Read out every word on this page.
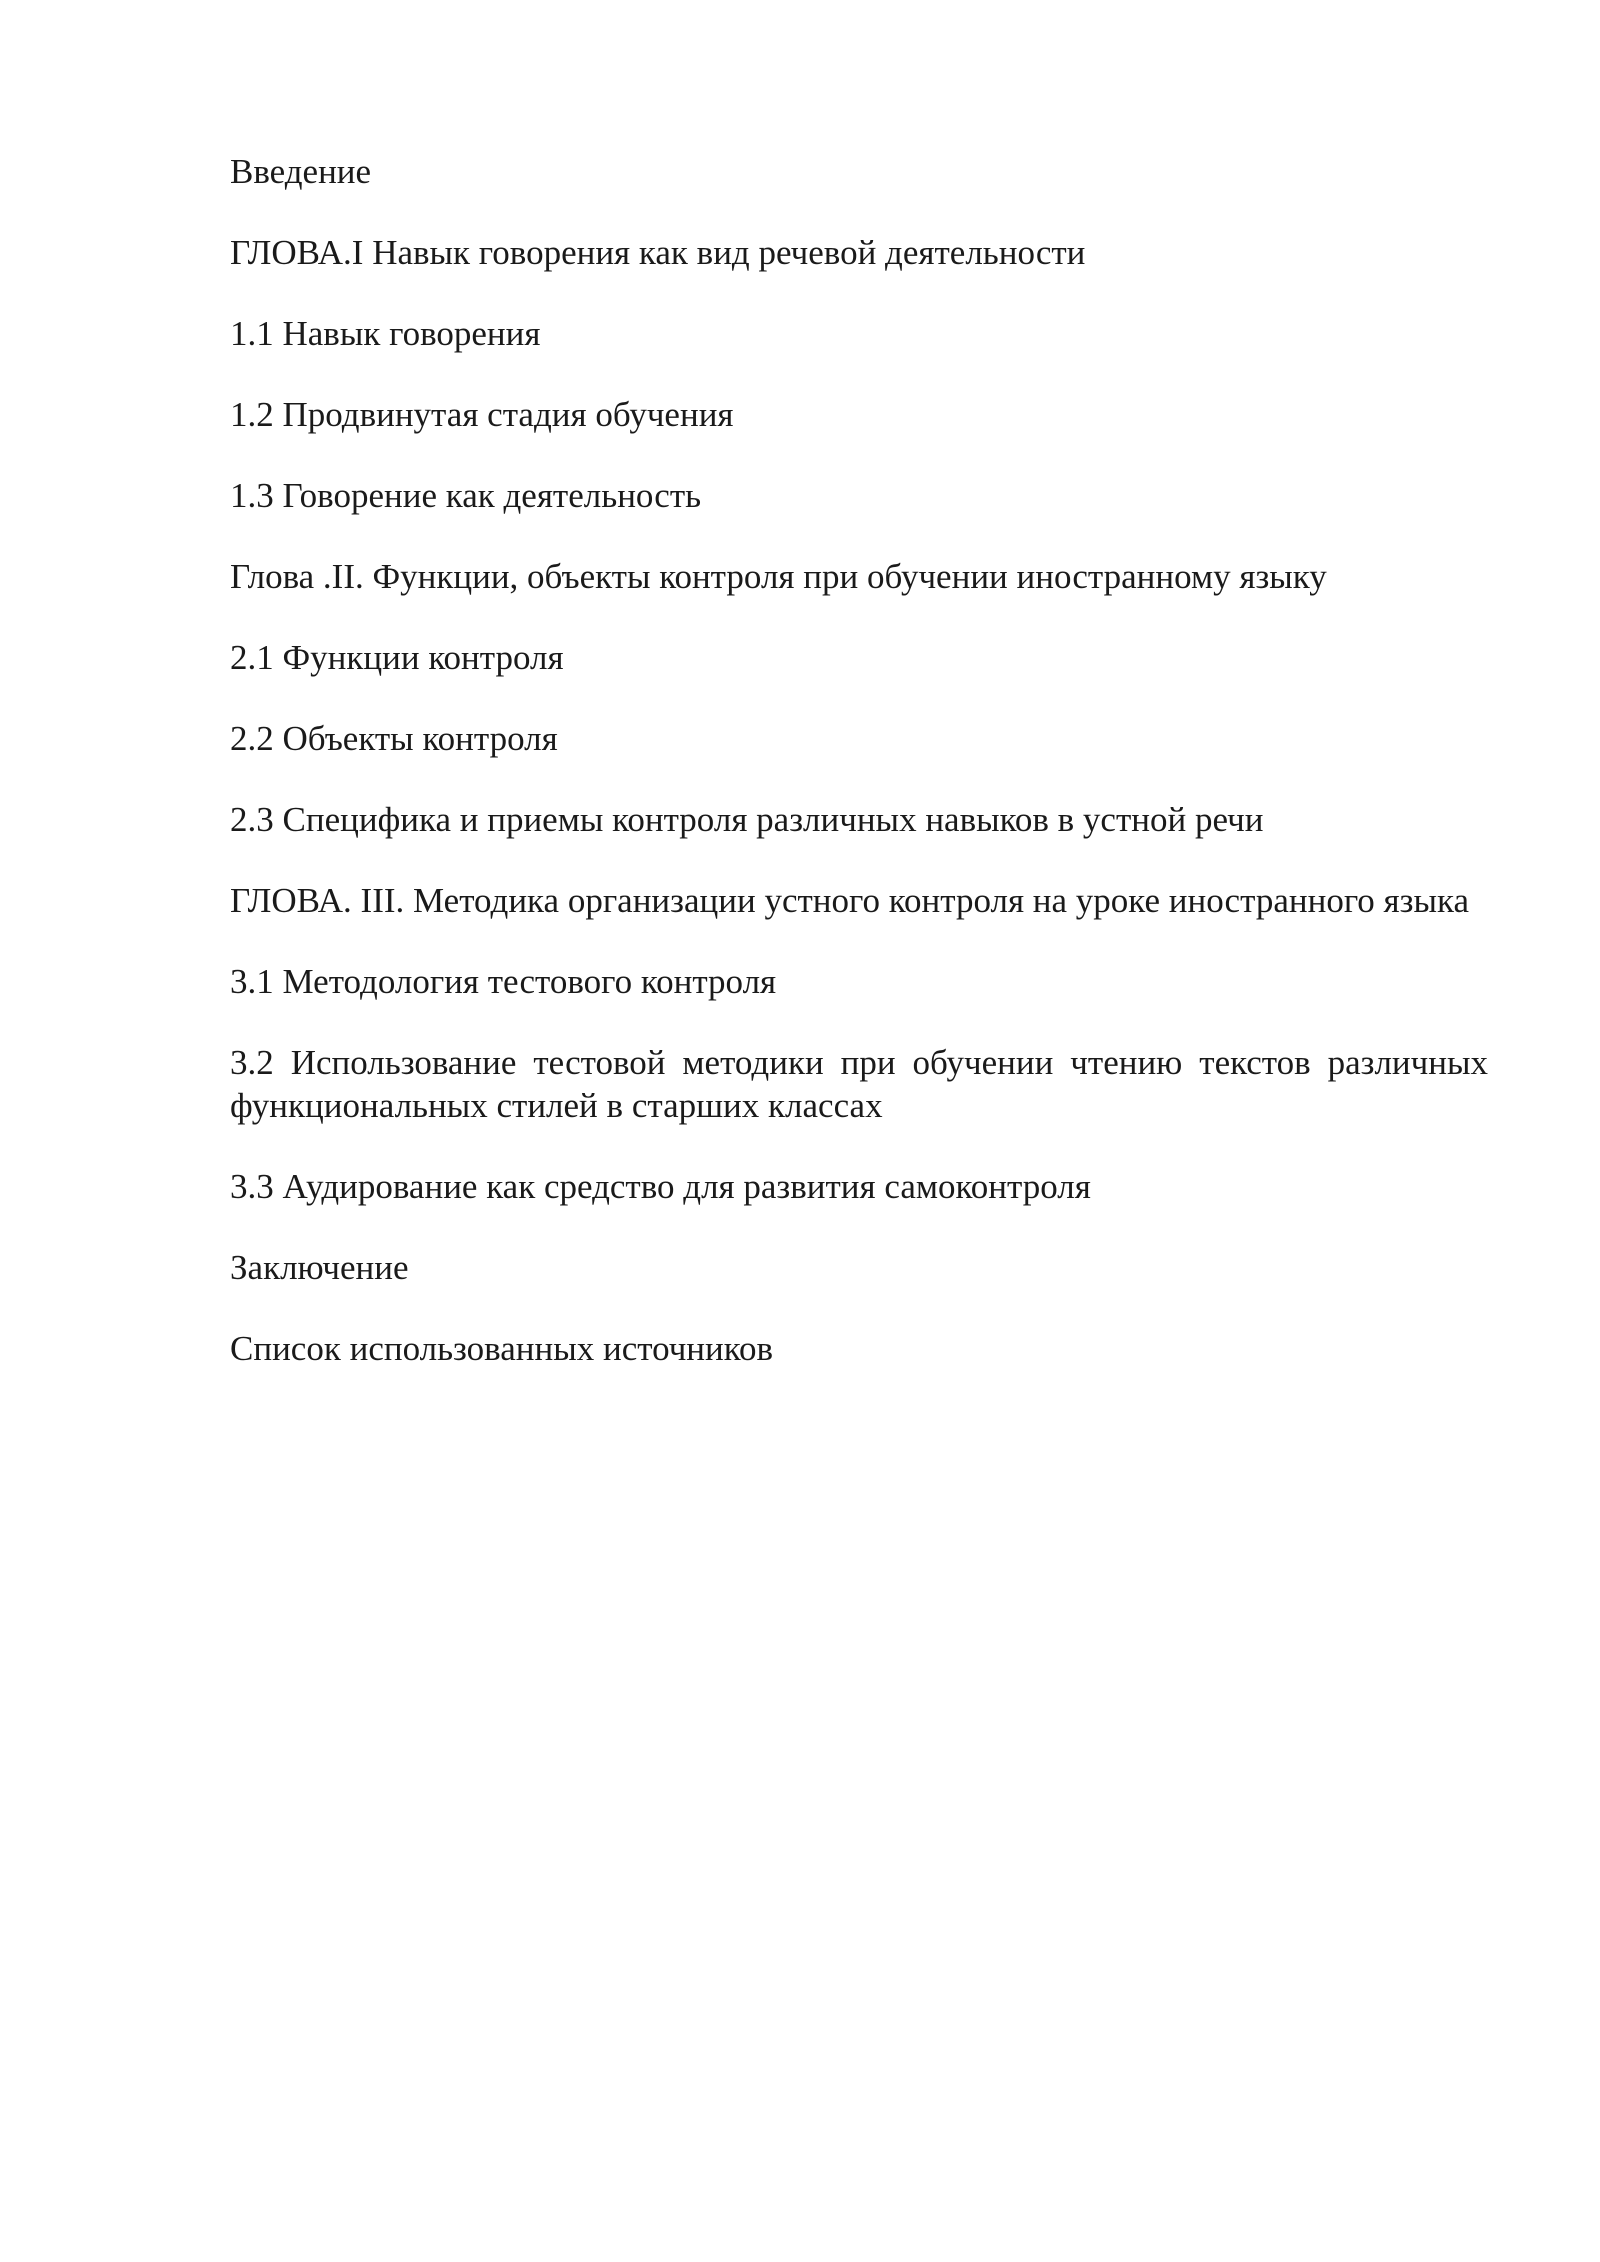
Введение

ГЛОВА.I Навык говорения как вид речевой деятельности

1.1 Навык говорения

1.2 Продвинутая стадия обучения

1.3 Говорение как деятельность

Глова .II. Функции, объекты контроля при обучении иностранному языку

2.1 Функции контроля

2.2 Объекты контроля

2.3 Специфика и приемы контроля различных навыков в устной речи

ГЛОВА. III. Методика организации устного контроля на уроке иностранного языка

3.1 Методология тестового контроля

3.2 Использование тестовой методики при обучении чтению текстов различных функциональных стилей в старших классах

3.3 Аудирование как средство для развития самоконтроля

Заключение

Список использованных источников
